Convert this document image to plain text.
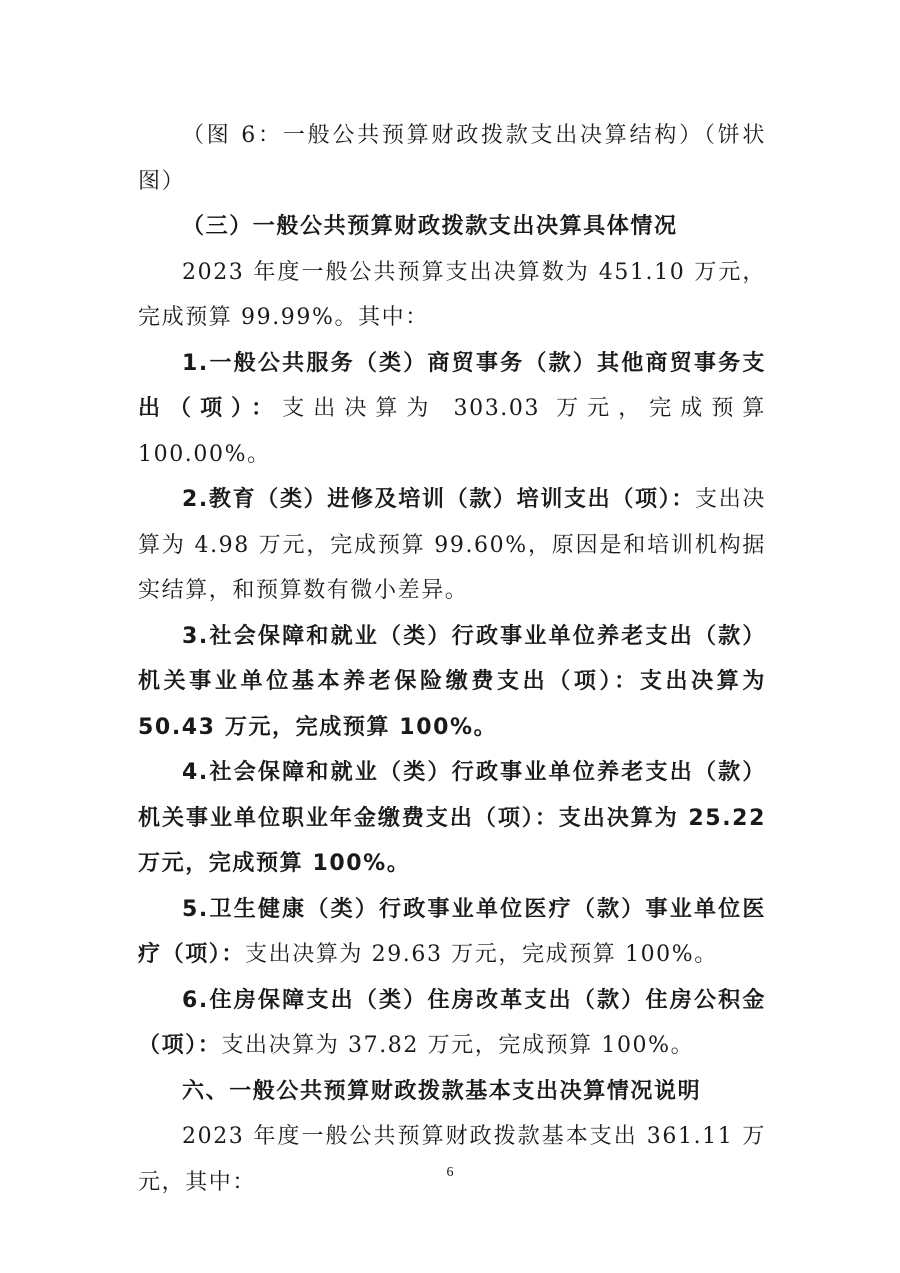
（图 6：一般公共预算财政拨款支出决算结构）（饼状图）

（三）一般公共预算财政拨款支出决算具体情况

2023 年度一般公共预算支出决算数为 451.10 万元，完成预算 99.99%。其中：

1.一般公共服务（类）商贸事务（款）其他商贸事务支出（项）：支出决算为 303.03 万元，完成预算 100.00%。

2.教育（类）进修及培训（款）培训支出（项）：支出决算为 4.98 万元，完成预算 99.60%，原因是和培训机构据实结算，和预算数有微小差异。

3.社会保障和就业（类）行政事业单位养老支出（款）机关事业单位基本养老保险缴费支出（项）：支出决算为 50.43 万元，完成预算 100%。

4.社会保障和就业（类）行政事业单位养老支出（款）机关事业单位职业年金缴费支出（项）：支出决算为 25.22 万元，完成预算 100%。

5.卫生健康（类）行政事业单位医疗（款）事业单位医疗（项）：支出决算为 29.63 万元，完成预算 100%。

6.住房保障支出（类）住房改革支出（款）住房公积金（项）：支出决算为 37.82 万元，完成预算 100%。

六、一般公共预算财政拨款基本支出决算情况说明

2023 年度一般公共预算财政拨款基本支出 361.11 万元，其中：	6
